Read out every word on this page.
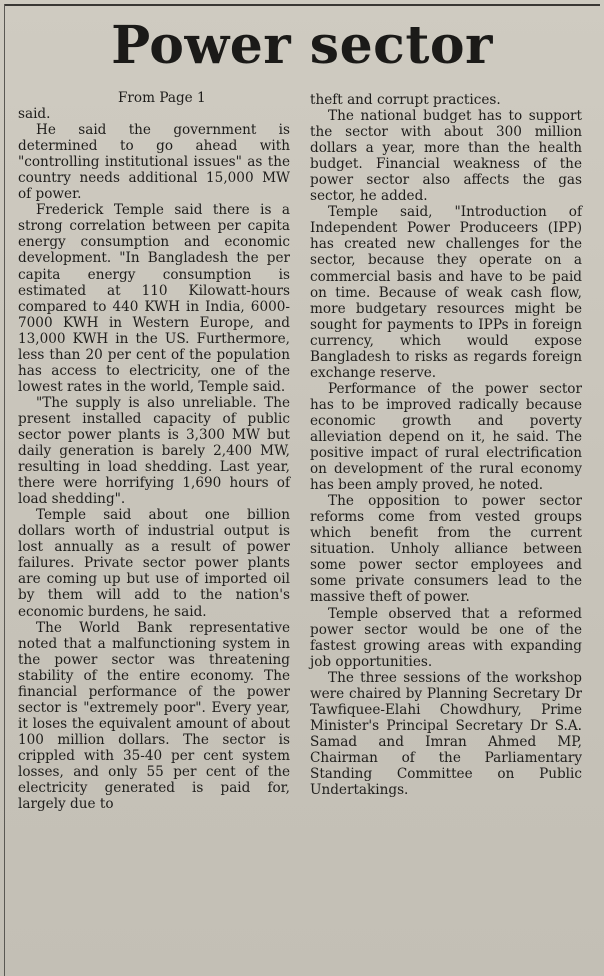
Power sector

From Page 1

said.

He said the government is determined to go ahead with "controlling institutional issues" as the country needs additional 15,000 MW of power.

Frederick Temple said there is a strong correlation between per capita energy consumption and economic development. "In Bangladesh the per capita energy consumption is estimated at 110 Kilowatt-hours compared to 440 KWH in India, 6000-7000 KWH in Western Europe, and 13,000 KWH in the US. Furthermore, less than 20 per cent of the population has access to electricity, one of the lowest rates in the world, Temple said.

"The supply is also unreliable. The present installed capacity of public sector power plants is 3,300 MW but daily generation is barely 2,400 MW, resulting in load shedding. Last year, there were horrifying 1,690 hours of load shedding".

Temple said about one billion dollars worth of industrial output is lost annually as a result of power failures. Private sector power plants are coming up but use of imported oil by them will add to the nation's economic burdens, he said.

The World Bank representative noted that a malfunctioning system in the power sector was threatening stability of the entire economy. The financial performance of the power sector is "extremely poor". Every year, it loses the equivalent amount of about 100 million dollars. The sector is crippled with 35-40 per cent system losses, and only 55 per cent of the electricity generated is paid for, largely due to

theft and corrupt practices.

The national budget has to support the sector with about 300 million dollars a year, more than the health budget. Financial weakness of the power sector also affects the gas sector, he added.

Temple said, "Introduction of Independent Power Produceers (IPP) has created new challenges for the sector, because they operate on a commercial basis and have to be paid on time. Because of weak cash flow, more budgetary resources might be sought for payments to IPPs in foreign currency, which would expose Bangladesh to risks as regards foreign exchange reserve.

Performance of the power sector has to be improved radically because economic growth and poverty alleviation depend on it, he said. The positive impact of rural electrification on development of the rural economy has been amply proved, he noted.

The opposition to power sector reforms come from vested groups which benefit from the current situation. Unholy alliance between some power sector employees and some private consumers lead to the massive theft of power.

Temple observed that a reformed power sector would be one of the fastest growing areas with expanding job opportunities.

The three sessions of the workshop were chaired by Planning Secretary Dr Tawfiquee-Elahi Chowdhury, Prime Minister's Principal Secretary Dr S.A. Samad and Imran Ahmed MP, Chairman of the Parliamentary Standing Committee on Public Undertakings.
